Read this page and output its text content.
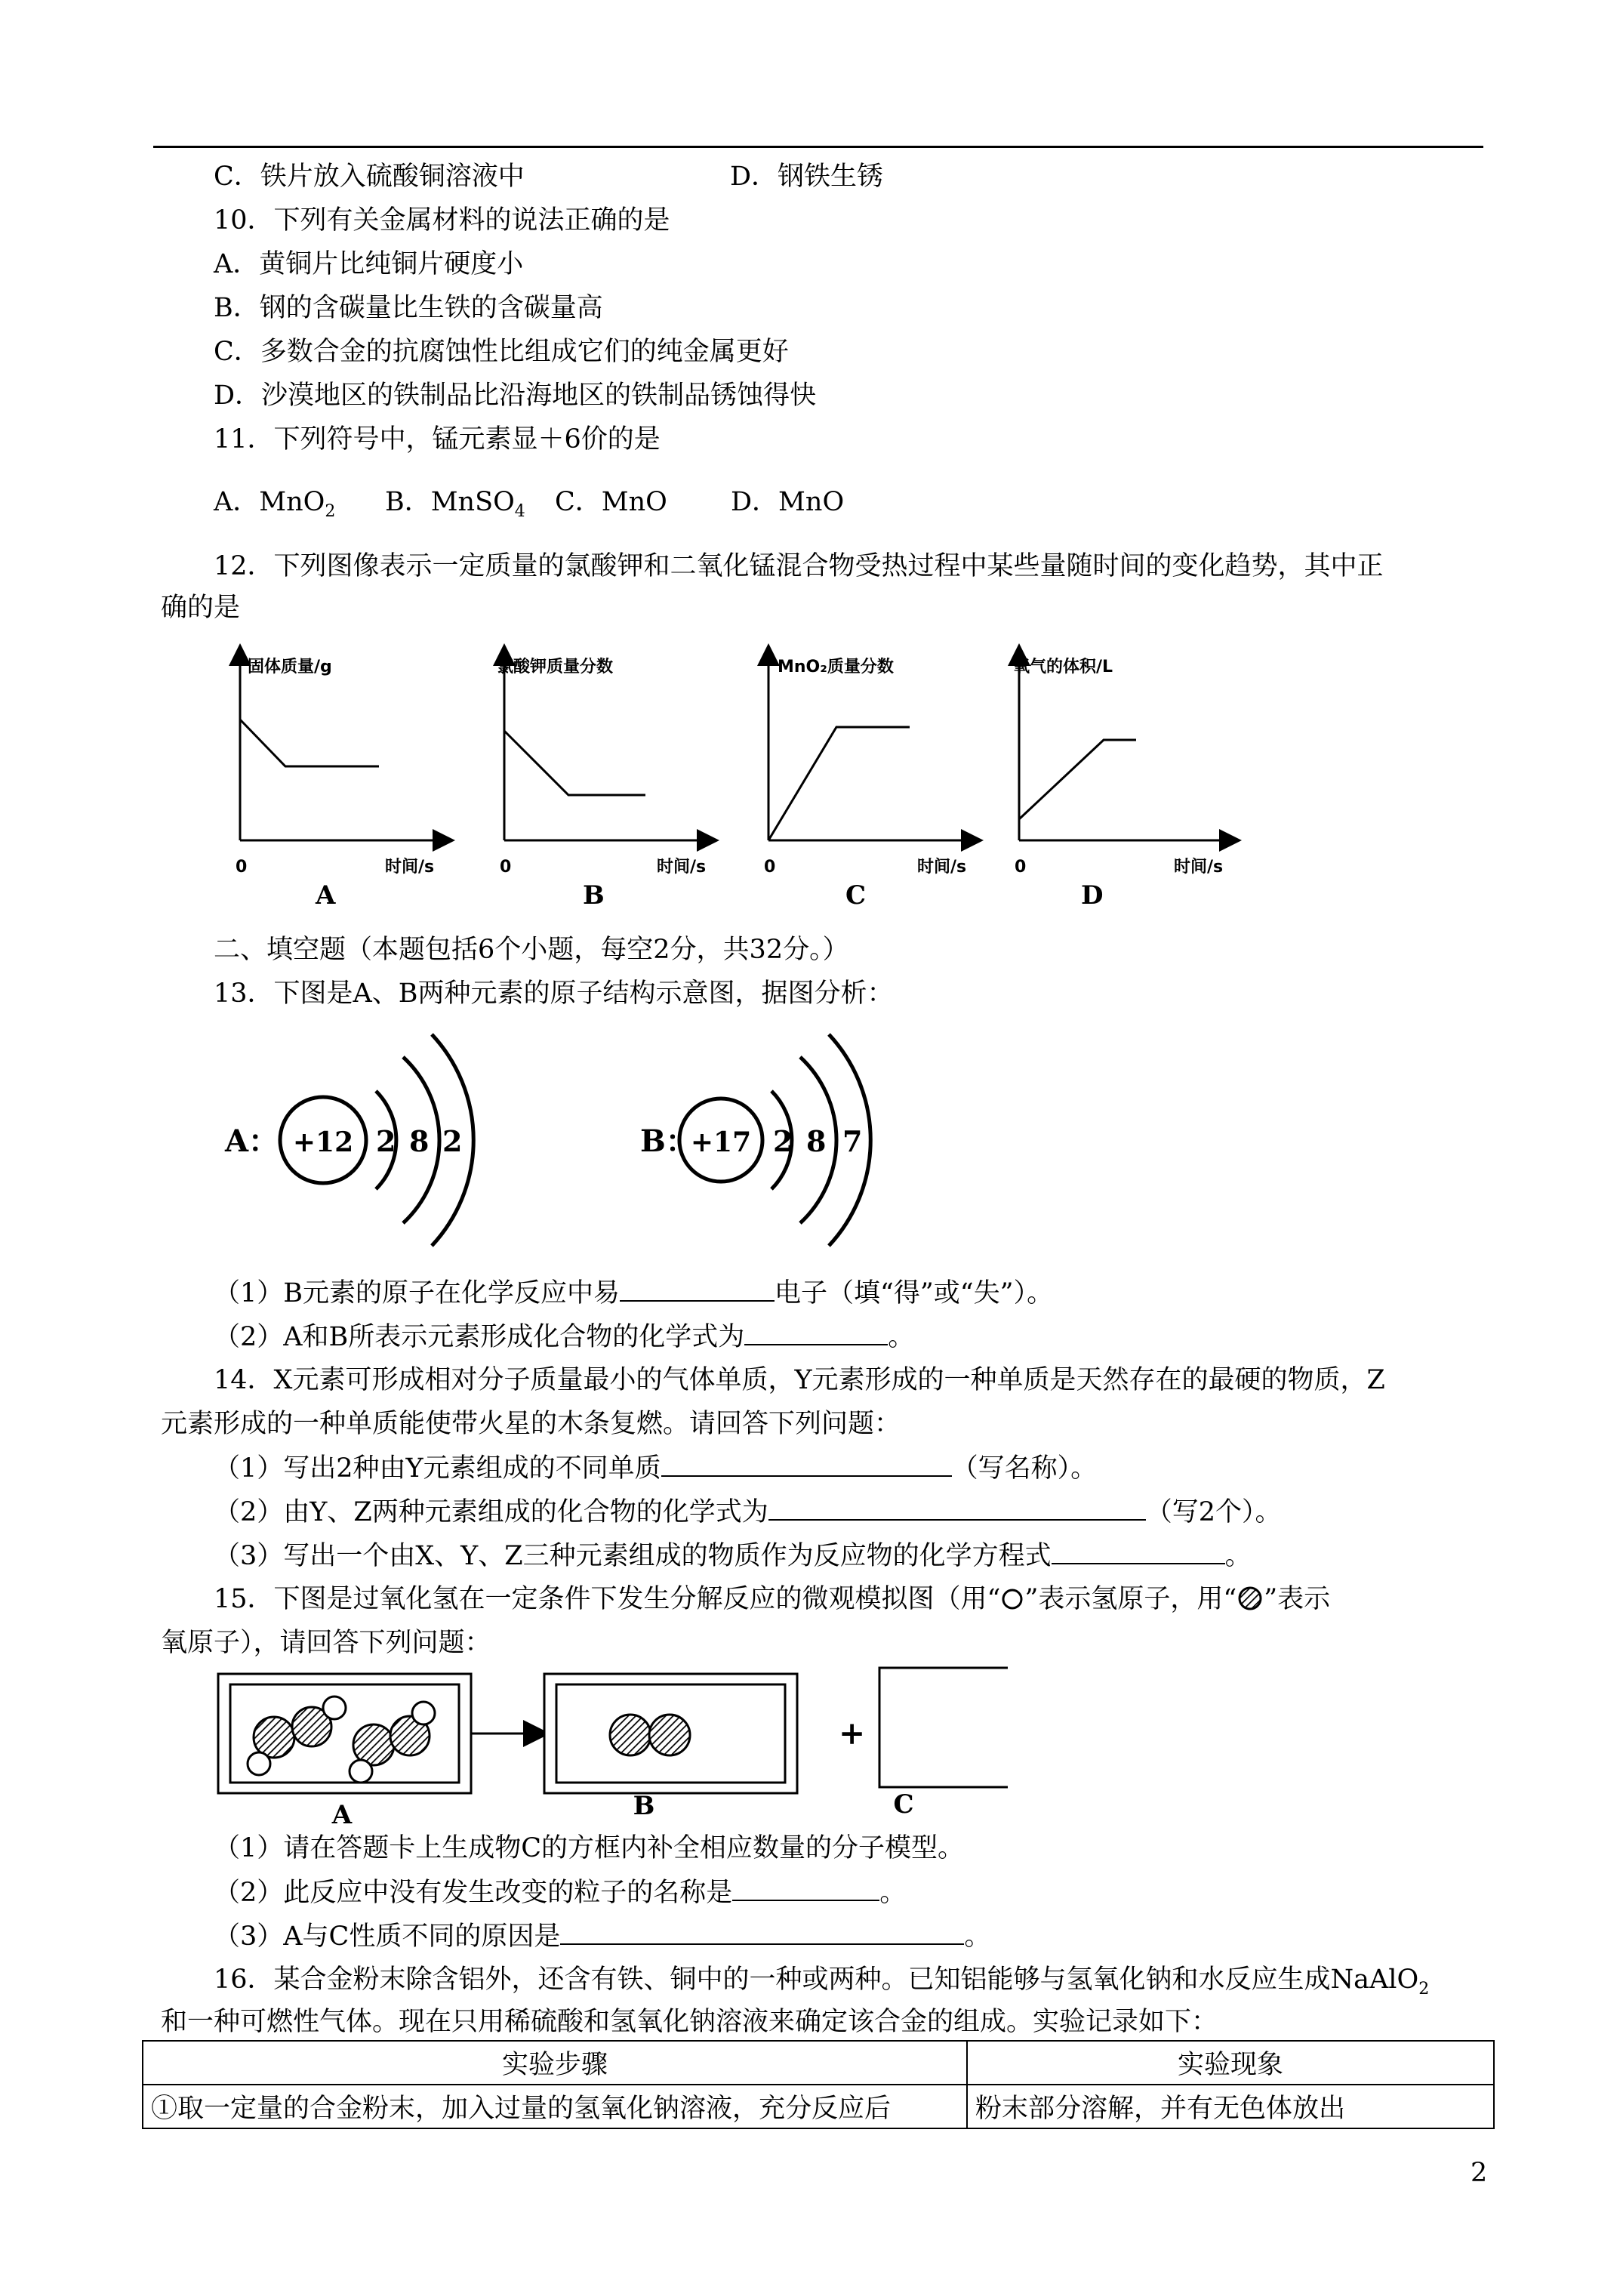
C．铁片放入硫酸铜溶液中	D．钢铁生锈
10．下列有关金属材料的说法正确的是
A．黄铜片比纯铜片硬度小
B．钢的含碳量比生铁的含碳量高
C．多数合金的抗腐蚀性比组成它们的纯金属更好
D．沙漠地区的铁制品比沿海地区的铁制品锈蚀得快
11．下列符号中，锰元素显＋6价的是
A．MnO$_2$ B．MnSO$_4$ C．MnO D．MnO
12．下列图像表示一定质量的氯酸钾和二氧化锰混合物受热过程中某些量随时间的变化趋势，其中正
确的是
固体质量/g
0	时间/s
A
氯酸钾质量分数
0	时间/s
B
MnO₂质量分数
0	时间/s
C
氧气的体积/L
0	时间/s
D
二、填空题（本题包括6个小题，每空2分，共32分。）
13．下图是A、B两种元素的原子结构示意图，据图分析：
A： +12 2 8 2	B：
+17 2 8 7
（1）B元素的原子在化学反应中易	电子（填“得”或“失”）。
（2）A和B所表示元素形成化合物的化学式为	。
14．X元素可形成相对分子质量最小的气体单质，Y元素形成的一种单质是天然存在的最硬的物质，Z
元素形成的一种单质能使带火星的木条复燃。请回答下列问题：
（1）写出2种由Y元素组成的不同单质	（写名称）。
（2）由Y、Z两种元素组成的化合物的化学式为	（写2个）。
（3）写出一个由X、Y、Z三种元素组成的物质作为反应物的化学方程式	。
15．下图是过氧化氢在一定条件下发生分解反应的微观模拟图（用“ ”表示氢原子，用“ ”表示
氧原子），请回答下列问题：
+
A	B	C
（1）请在答题卡上生成物C的方框内补全相应数量的分子模型。
（2）此反应中没有发生改变的粒子的名称是	。
（3）A与C性质不同的原因是	。
16．某合金粉末除含铝外，还含有铁、铜中的一种或两种。已知铝能够与氢氧化钠和水反应生成NaAlO$_2$
和一种可燃性气体。现在只用稀硫酸和氢氧化钠溶液来确定该合金的组成。实验记录如下：
实验步骤	实验现象
①取一定量的合金粉末，加入过量的氢氧化钠溶液，充分反应后	粉末部分溶解，并有无色体放出
2
